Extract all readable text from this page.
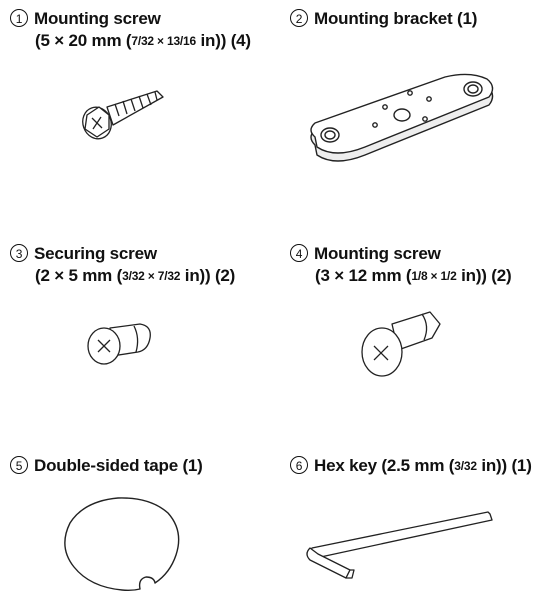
1 Mounting screw
(5 × 20 mm (7/32 × 13/16 in)) (4)
2 Mounting bracket (1)
3 Securing screw
(2 × 5 mm (3/32 × 7/32 in)) (2)
4 Mounting screw
(3 × 12 mm (1/8 × 1/2 in)) (2)
5 Double-sided tape (1)	6 Hex key (2.5 mm (3/32 in)) (1)
